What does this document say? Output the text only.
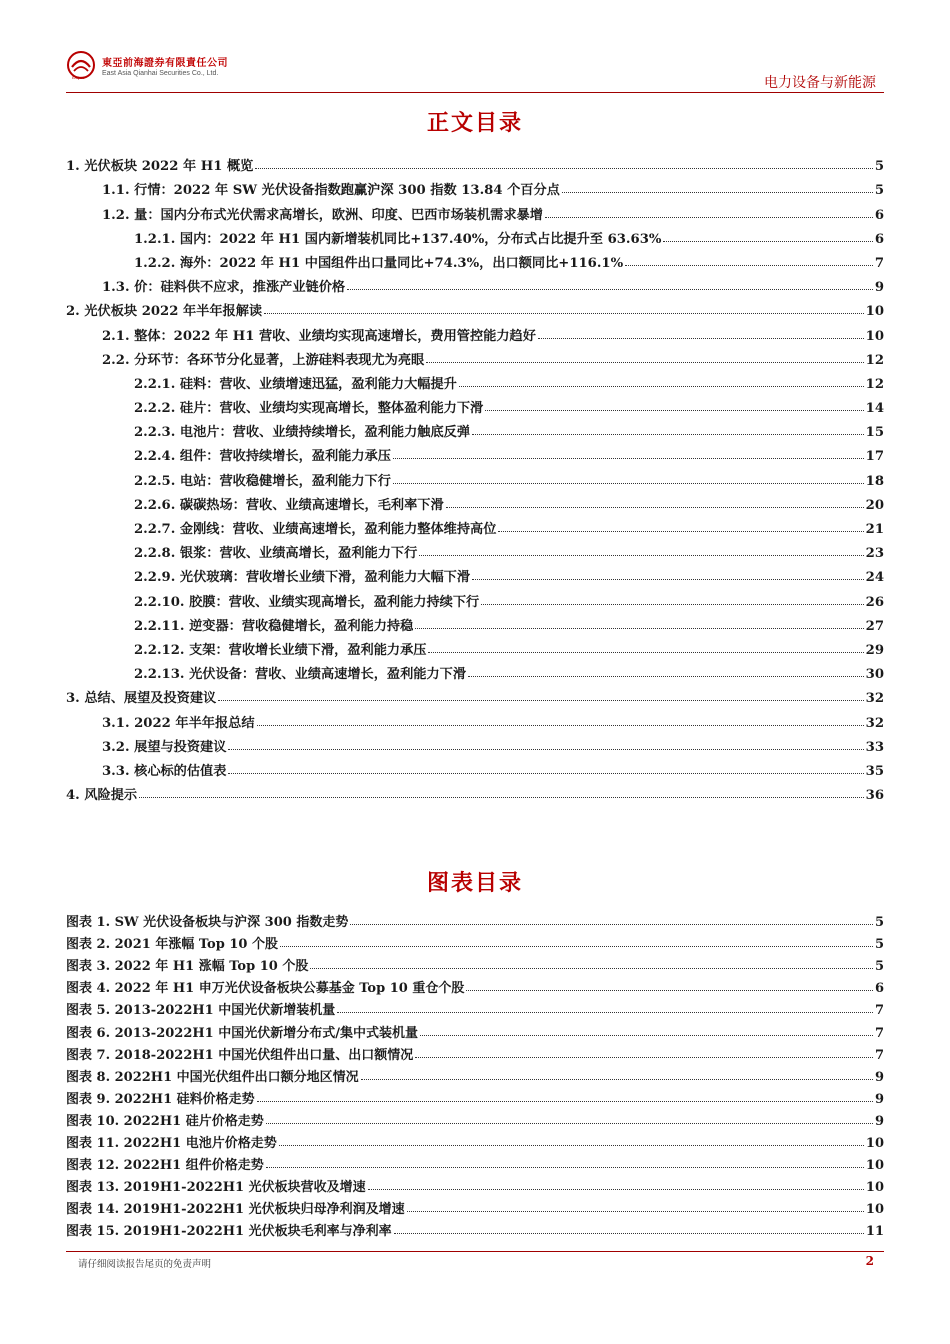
EAQHS
東亞前海證券有限責任公司
East Asia Qianhai Securities Co., Ltd.
电力设备与新能源
正文目录
1. 光伏板块 2022 年 H1 概览	5
1.1. 行情：2022 年 SW 光伏设备指数跑赢沪深 300 指数 13.84 个百分点	5
1.2. 量：国内分布式光伏需求高增长，欧洲、印度、巴西市场装机需求暴增	6
1.2.1. 国内：2022 年 H1 国内新增装机同比+137.40%，分布式占比提升至 63.63%	6
1.2.2. 海外：2022 年 H1 中国组件出口量同比+74.3%，出口额同比+116.1%	7
1.3. 价：硅料供不应求，推涨产业链价格	9
2. 光伏板块 2022 年半年报解读	10
2.1. 整体：2022 年 H1 营收、业绩均实现高速增长，费用管控能力趋好	10
2.2. 分环节：各环节分化显著，上游硅料表现尤为亮眼	12
2.2.1. 硅料：营收、业绩增速迅猛，盈利能力大幅提升	12
2.2.2. 硅片：营收、业绩均实现高增长，整体盈利能力下滑	14
2.2.3. 电池片：营收、业绩持续增长，盈利能力触底反弹	15
2.2.4. 组件：营收持续增长，盈利能力承压	17
2.2.5. 电站：营收稳健增长，盈利能力下行	18
2.2.6. 碳碳热场：营收、业绩高速增长，毛利率下滑	20
2.2.7. 金刚线：营收、业绩高速增长，盈利能力整体维持高位	21
2.2.8. 银浆：营收、业绩高增长，盈利能力下行	23
2.2.9. 光伏玻璃：营收增长业绩下滑，盈利能力大幅下滑	24
2.2.10. 胶膜：营收、业绩实现高增长，盈利能力持续下行	26
2.2.11. 逆变器：营收稳健增长，盈利能力持稳	27
2.2.12. 支架：营收增长业绩下滑，盈利能力承压	29
2.2.13. 光伏设备：营收、业绩高速增长，盈利能力下滑	30
3. 总结、展望及投资建议	32
3.1. 2022 年半年报总结	32
3.2. 展望与投资建议	33
3.3. 核心标的估值表	35
4. 风险提示	36
图表目录
图表 1. SW 光伏设备板块与沪深 300 指数走势	5
图表 2. 2021 年涨幅 Top 10 个股	5
图表 3. 2022 年 H1 涨幅 Top 10 个股	5
图表 4. 2022 年 H1 申万光伏设备板块公募基金 Top 10 重仓个股	6
图表 5. 2013-2022H1 中国光伏新增装机量	7
图表 6. 2013-2022H1 中国光伏新增分布式/集中式装机量	7
图表 7. 2018-2022H1 中国光伏组件出口量、出口额情况	7
图表 8. 2022H1 中国光伏组件出口额分地区情况	9
图表 9. 2022H1 硅料价格走势	9
图表 10. 2022H1 硅片价格走势	9
图表 11. 2022H1 电池片价格走势	10
图表 12. 2022H1 组件价格走势	10
图表 13. 2019H1-2022H1 光伏板块营收及增速	10
图表 14. 2019H1-2022H1 光伏板块归母净利润及增速	10
图表 15. 2019H1-2022H1 光伏板块毛利率与净利率	11
请仔细阅读报告尾页的免责声明	2
